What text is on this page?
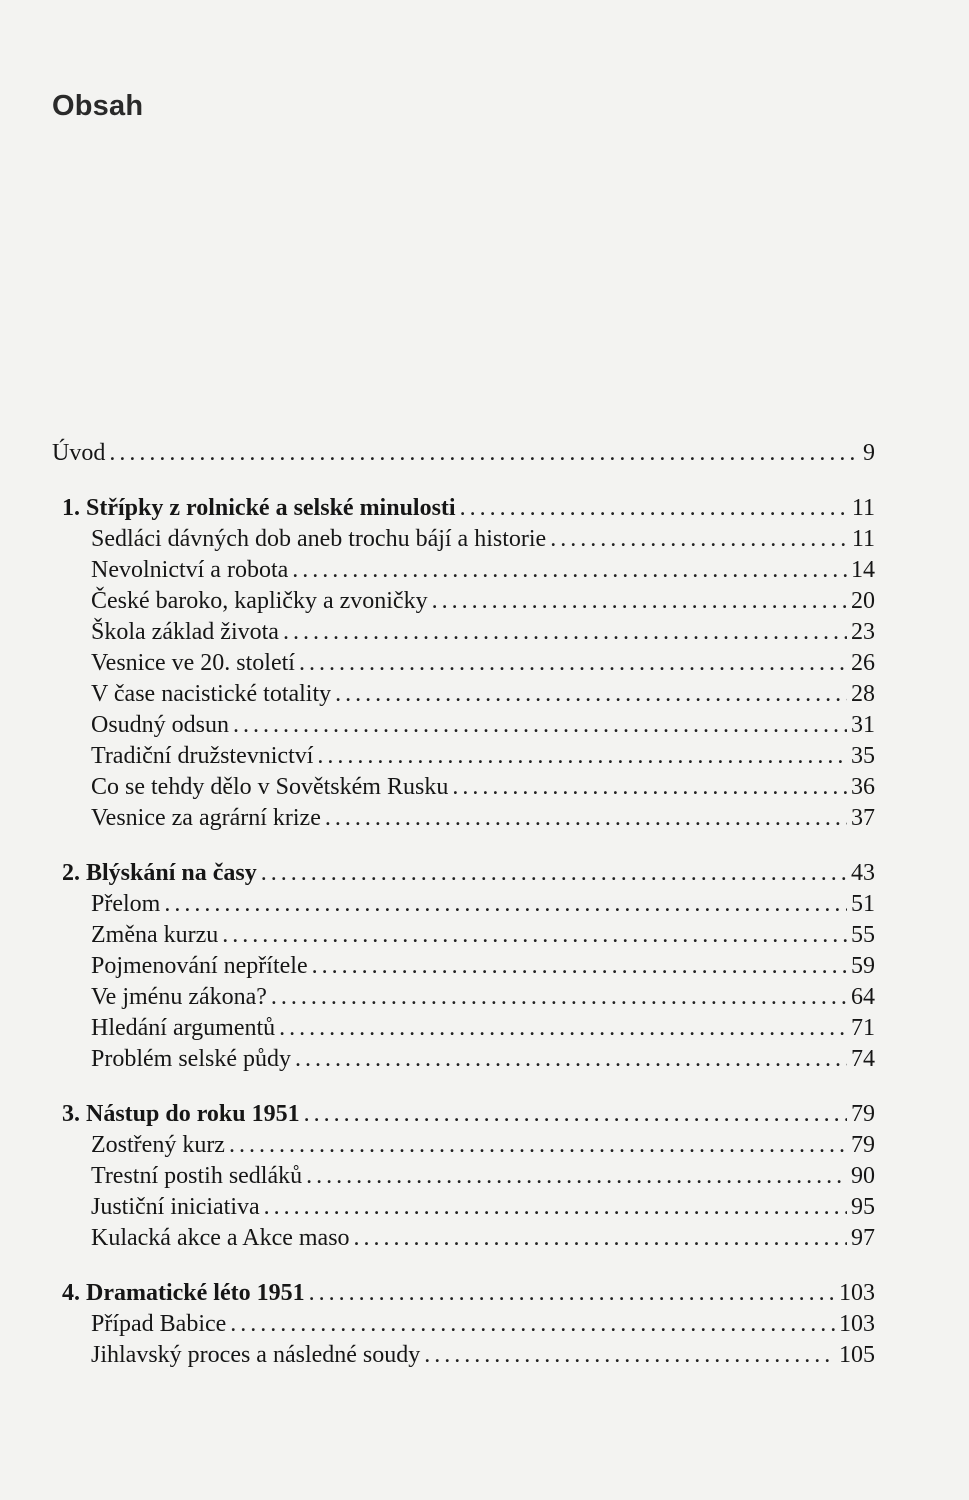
Obsah
Úvod . . .	9
1. Střípky z rolnické a selské minulosti . . .	11
Sedláci dávných dob aneb trochu bájí a historie . . .	11
Nevolnictví a robota . . .	14
České baroko, kapličky a zvoničky . . .	20
Škola základ života . . .	23
Vesnice ve 20. století . . .	26
V čase nacistické totality . . .	28
Osudný odsun . . .	31
Tradiční družstevnictví . . .	35
Co se tehdy dělo v Sovětském Rusku . . .	36
Vesnice za agrární krize . . .	37
2. Blýskání na časy . . .	43
Přelom . . .	51
Změna kurzu . . .	55
Pojmenování nepřítele . . .	59
Ve jménu zákona? . . .	64
Hledání argumentů . . .	71
Problém selské půdy . . .	74
3. Nástup do roku 1951 . . .	79
Zostřený kurz . . .	79
Trestní postih sedláků . . .	90
Justiční iniciativa . . .	95
Kulacká akce a Akce maso . . .	97
4. Dramatické léto 1951 . . .	103
Případ Babice . . .	103
Jihlavský proces a následné soudy . . .	105
